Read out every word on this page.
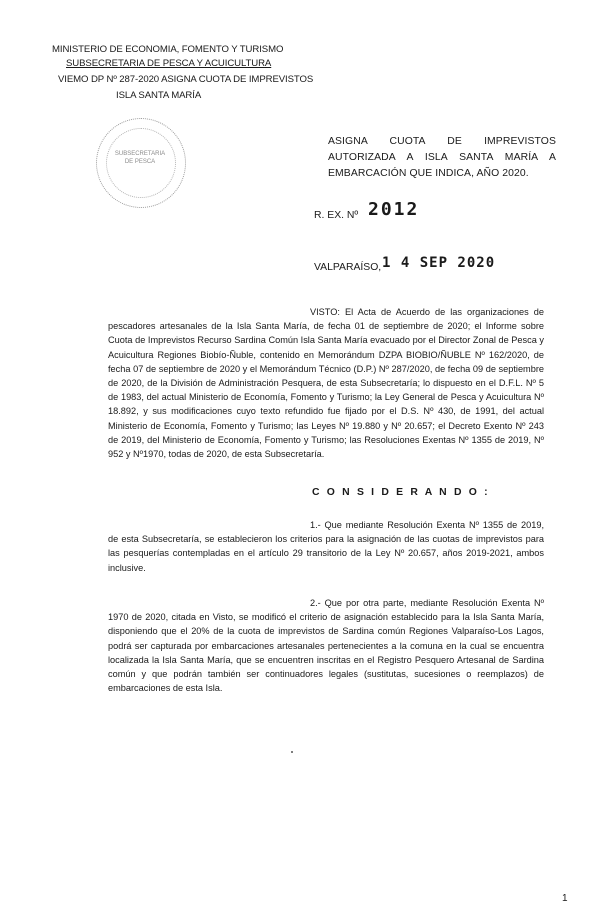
MINISTERIO DE ECONOMIA, FOMENTO Y TURISMO
SUBSECRETARIA DE PESCA Y ACUICULTURA
VIEMO DP Nº 287-2020 ASIGNA CUOTA DE IMPREVISTOS
ISLA SANTA MARÍA
SUBSECRETARIA DE PESCA
ASIGNA CUOTA DE IMPREVISTOS AUTORIZADA A ISLA SANTA MARÍA A EMBARCACIÓN QUE INDICA, AÑO 2020.
R. EX. Nº 2012
VALPARAÍSO, 1 4 SEP 2020
VISTO: El Acta de Acuerdo de las organizaciones de pescadores artesanales de la Isla Santa María, de fecha 01 de septiembre de 2020; el Informe sobre Cuota de Imprevistos Recurso Sardina Común Isla Santa María evacuado por el Director Zonal de Pesca y Acuicultura Regiones Biobío-Ñuble, contenido en Memorándum DZPA BIOBIO/ÑUBLE Nº 162/2020, de fecha 07 de septiembre de 2020 y el Memorándum Técnico (D.P.) Nº 287/2020, de fecha 09 de septiembre de 2020, de la División de Administración Pesquera, de esta Subsecretaría; lo dispuesto en el D.F.L. Nº 5 de 1983, del actual Ministerio de Economía, Fomento y Turismo; la Ley General de Pesca y Acuicultura Nº 18.892, y sus modificaciones cuyo texto refundido fue fijado por el D.S. Nº 430, de 1991, del actual Ministerio de Economía, Fomento y Turismo; las Leyes Nº 19.880 y Nº 20.657; el Decreto Exento Nº 243 de 2019, del Ministerio de Economía, Fomento y Turismo; las Resoluciones Exentas Nº 1355 de 2019, Nº 952 y Nº1970, todas de 2020, de esta Subsecretaría.
C O N S I D E R A N D O :
1.- Que mediante Resolución Exenta Nº 1355 de 2019, de esta Subsecretaría, se establecieron los criterios para la asignación de las cuotas de imprevistos para las pesquerías contempladas en el artículo 29 transitorio de la Ley Nº 20.657, años 2019-2021, ambos inclusive.
2.- Que por otra parte, mediante Resolución Exenta Nº 1970 de 2020, citada en Visto, se modificó el criterio de asignación establecido para la Isla Santa María, disponiendo que el 20% de la cuota de imprevistos de Sardina común Regiones Valparaíso-Los Lagos, podrá ser capturada por embarcaciones artesanales pertenecientes a la comuna en la cual se encuentra localizada la Isla Santa María, que se encuentren inscritas en el Registro Pesquero Artesanal de Sardina común y que podrán también ser continuadores legales (sustitutas, sucesiones o reemplazos) de embarcaciones de esta Isla.
1
